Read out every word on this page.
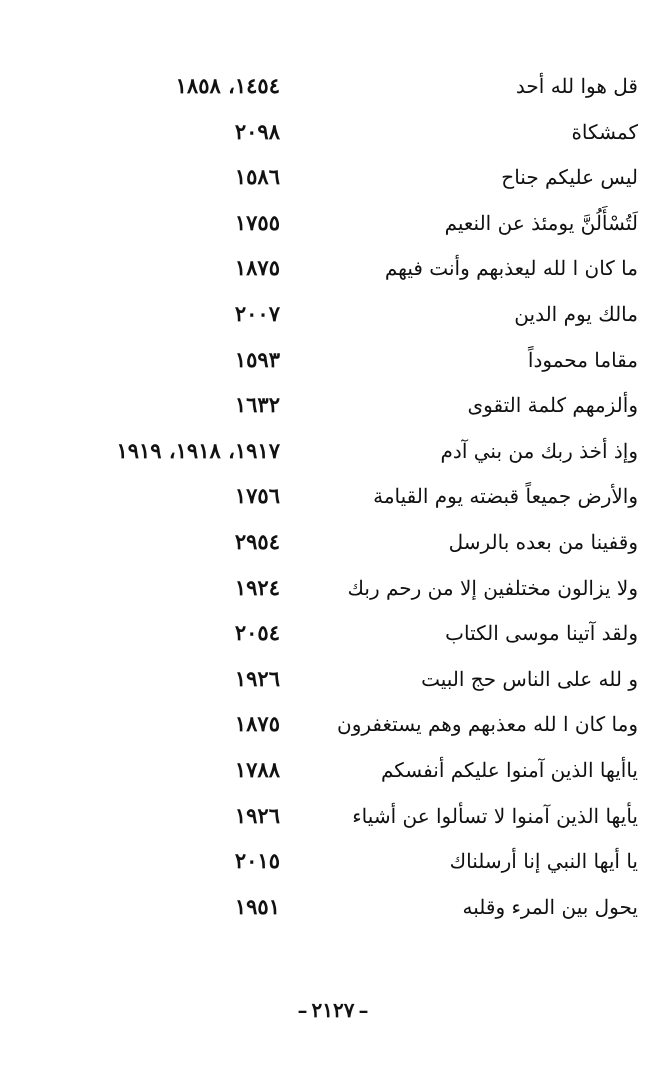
قل هوا لله أحد
١٤٥٤، ١٨٥٨
كمشكاة
٢٠٩٨
ليس عليكم جناح
١٥٨٦
لَتُسْأَلُنَّ يومئذ عن النعيم
١٧٥٥
ما كان ا لله ليعذبهم وأنت فيهم
١٨٧٥
مالك يوم الدين
٢٠٠٧
مقاما محموداً
١٥٩٣
وألزمهم كلمة التقوى
١٦٣٢
وإذ أخذ ربك من بني آدم
١٩١٧، ١٩١٨، ١٩١٩
والأرض جميعاً قبضته يوم القيامة
١٧٥٦
وقفينا من بعده بالرسل
٢٩٥٤
ولا يزالون مختلفين إلا من رحم ربك
١٩٢٤
ولقد آتينا موسى الكتاب
٢٠٥٤
و لله على الناس حج البيت
١٩٢٦
وما كان ا لله معذبهم وهم يستغفرون
١٨٧٥
ياأيها الذين آمنوا عليكم أنفسكم
١٧٨٨
يأيها الذين آمنوا لا تسألوا عن أشياء
١٩٢٦
يا أيها النبي إنا أرسلناك
٢٠١٥
يحول بين المرء وقلبه
١٩٥١
– ٢١٢٧ –
